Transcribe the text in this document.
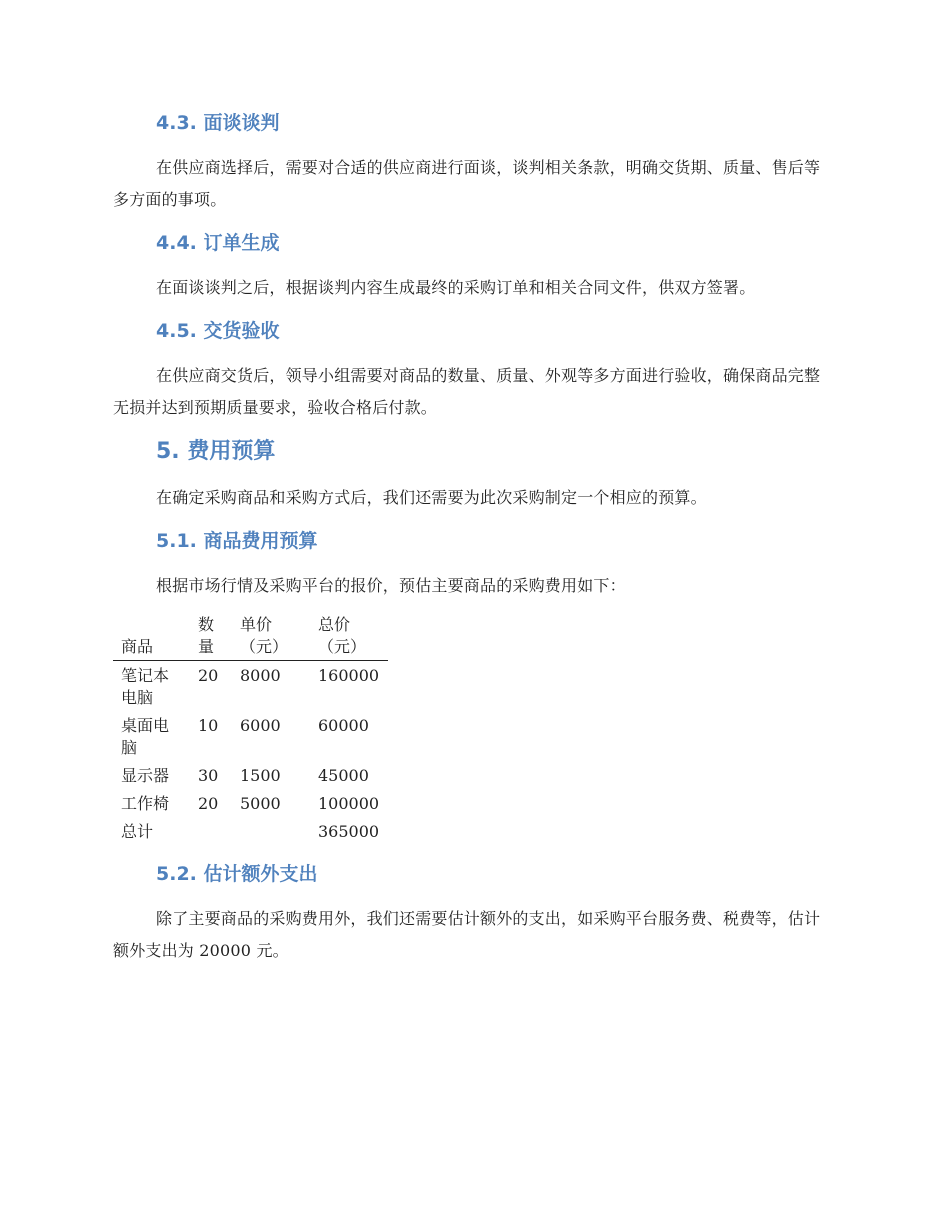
4.3. 面谈谈判

在供应商选择后，需要对合适的供应商进行面谈，谈判相关条款，明确交货期、质量、售后等多方面的事项。

4.4. 订单生成

在面谈谈判之后，根据谈判内容生成最终的采购订单和相关合同文件，供双方签署。

4.5. 交货验收

在供应商交货后，领导小组需要对商品的数量、质量、外观等多方面进行验收，确保商品完整无损并达到预期质量要求，验收合格后付款。

5. 费用预算

在确定采购商品和采购方式后，我们还需要为此次采购制定一个相应的预算。

5.1. 商品费用预算

根据市场行情及采购平台的报价，预估主要商品的采购费用如下：

商品	数量	单价（元）	总价（元）
笔记本电脑	20	8000	160000
桌面电脑	10	6000	60000
显示器	30	1500	45000
工作椅	20	5000	100000
总计			365000
5.2. 估计额外支出

除了主要商品的采购费用外，我们还需要估计额外的支出，如采购平台服务费、税费等，估计额外支出为 20000 元。
